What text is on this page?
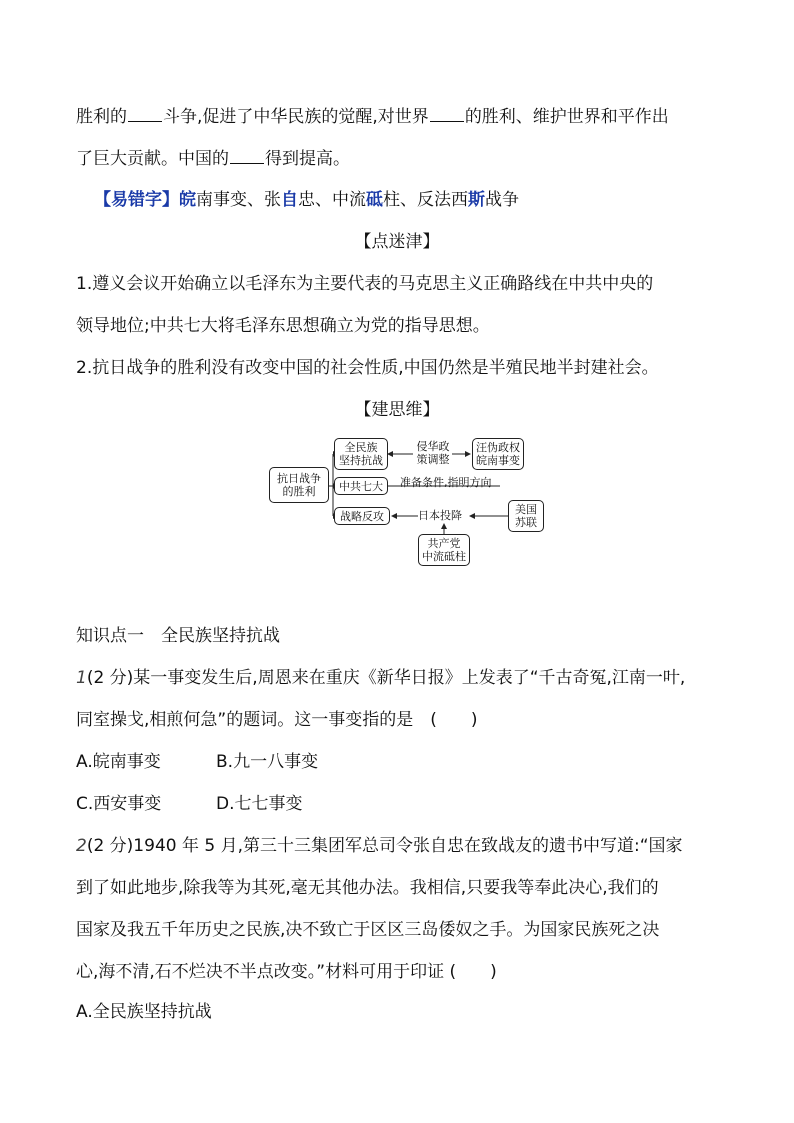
胜利的 斗争,促进了中华民族的觉醒,对世界 的胜利、维护世界和平作出
了巨大贡献。中国的 得到提高。
【易错字】皖南事变、张自忠、中流砥柱、反法西斯战争
【点迷津】
1.遵义会议开始确立以毛泽东为主要代表的马克思主义正确路线在中共中央的
领导地位;中共七大将毛泽东思想确立为党的指导思想。
2.抗日战争的胜利没有改变中国的社会性质,中国仍然是半殖民地半封建社会。
【建思维】
抗日战争
的胜利
全民族
坚持抗战
侵华政
策调整
汪伪政权
皖南事变
中共七大 准备条件,指明方向
战略反攻	日本投降	美国
苏联
共产党
中流砥柱
知识点一　全民族坚持抗战
1(2 分)某一事变发生后,周恩来在重庆《新华日报》上发表了“千古奇冤,江南一叶,
同室操戈,相煎何急”的题词。这一事变指的是　(　　)
A.皖南事变	B.九一八事变
C.西安事变	D.七七事变
2(2 分)1940 年 5 月,第三十三集团军总司令张自忠在致战友的遗书中写道:“国家
到了如此地步,除我等为其死,毫无其他办法。我相信,只要我等奉此决心,我们的
国家及我五千年历史之民族,决不致亡于区区三岛倭奴之手。为国家民族死之决
心,海不清,石不烂决不半点改变。”材料可用于印证 (　　)
A.全民族坚持抗战
